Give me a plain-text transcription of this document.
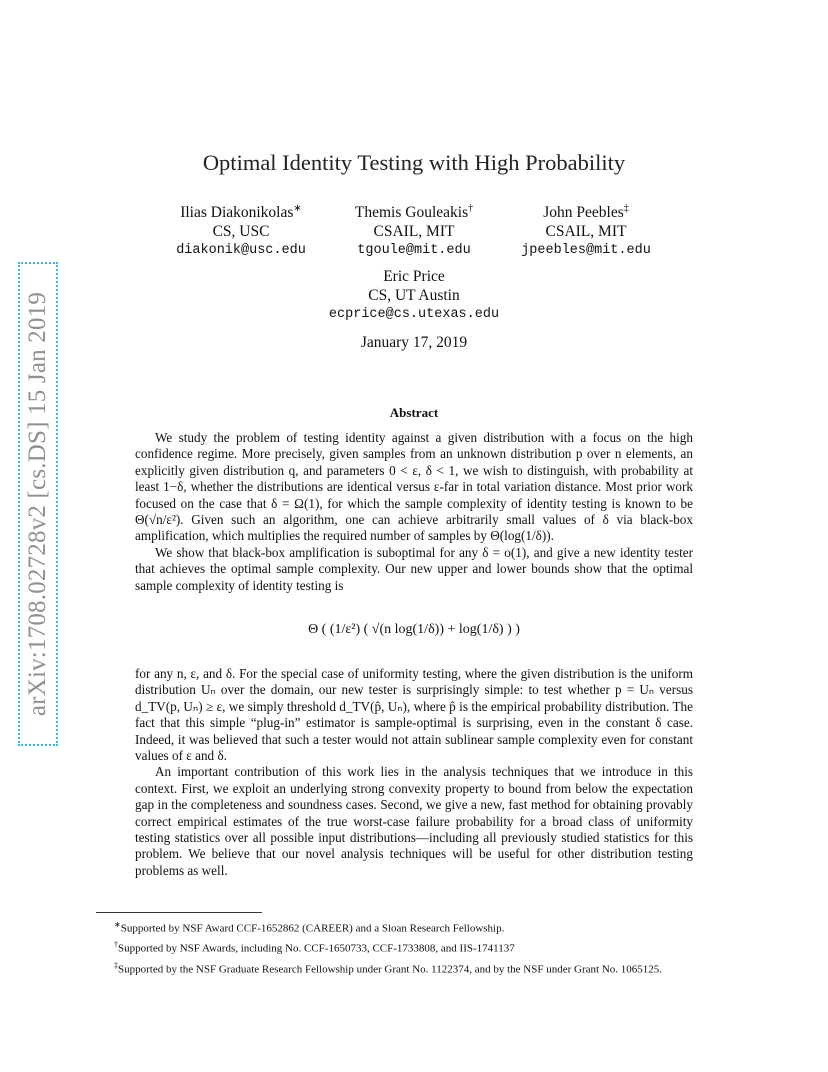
arXiv:1708.02728v2 [cs.DS] 15 Jan 2019
Optimal Identity Testing with High Probability
Ilias Diakonikolas∗
CS, USC
diakonik@usc.edu
Themis Gouleakis†
CSAIL, MIT
tgoule@mit.edu
John Peebles‡
CSAIL, MIT
jpeebles@mit.edu
Eric Price
CS, UT Austin
ecprice@cs.utexas.edu
January 17, 2019
Abstract

We study the problem of testing identity against a given distribution with a focus on the high confidence regime. More precisely, given samples from an unknown distribution p over n elements, an explicitly given distribution q, and parameters 0 < ε, δ < 1, we wish to distinguish, with probability at least 1−δ, whether the distributions are identical versus ε-far in total variation distance. Most prior work focused on the case that δ = Ω(1), for which the sample complexity of identity testing is known to be Θ(√n/ε²). Given such an algorithm, one can achieve arbitrarily small values of δ via black-box amplification, which multiplies the required number of samples by Θ(log(1/δ)).

We show that black-box amplification is suboptimal for any δ = o(1), and give a new identity tester that achieves the optimal sample complexity. Our new upper and lower bounds show that the optimal sample complexity of identity testing is

Θ ( (1/ε²) ( √(n log(1/δ)) + log(1/δ) ) )

for any n, ε, and δ. For the special case of uniformity testing, where the given distribution is the uniform distribution Uₙ over the domain, our new tester is surprisingly simple: to test whether p = Uₙ versus d_TV(p, Uₙ) ≥ ε, we simply threshold d_TV(p̂, Uₙ), where p̂ is the empirical probability distribution. The fact that this simple “plug-in” estimator is sample-optimal is surprising, even in the constant δ case. Indeed, it was believed that such a tester would not attain sublinear sample complexity even for constant values of ε and δ.

An important contribution of this work lies in the analysis techniques that we introduce in this context. First, we exploit an underlying strong convexity property to bound from below the expectation gap in the completeness and soundness cases. Second, we give a new, fast method for obtaining provably correct empirical estimates of the true worst-case failure probability for a broad class of uniformity testing statistics over all possible input distributions—including all previously studied statistics for this problem. We believe that our novel analysis techniques will be useful for other distribution testing problems as well.

∗Supported by NSF Award CCF-1652862 (CAREER) and a Sloan Research Fellowship.

†Supported by NSF Awards, including No. CCF-1650733, CCF-1733808, and IIS-1741137

‡Supported by the NSF Graduate Research Fellowship under Grant No. 1122374, and by the NSF under Grant No. 1065125.
